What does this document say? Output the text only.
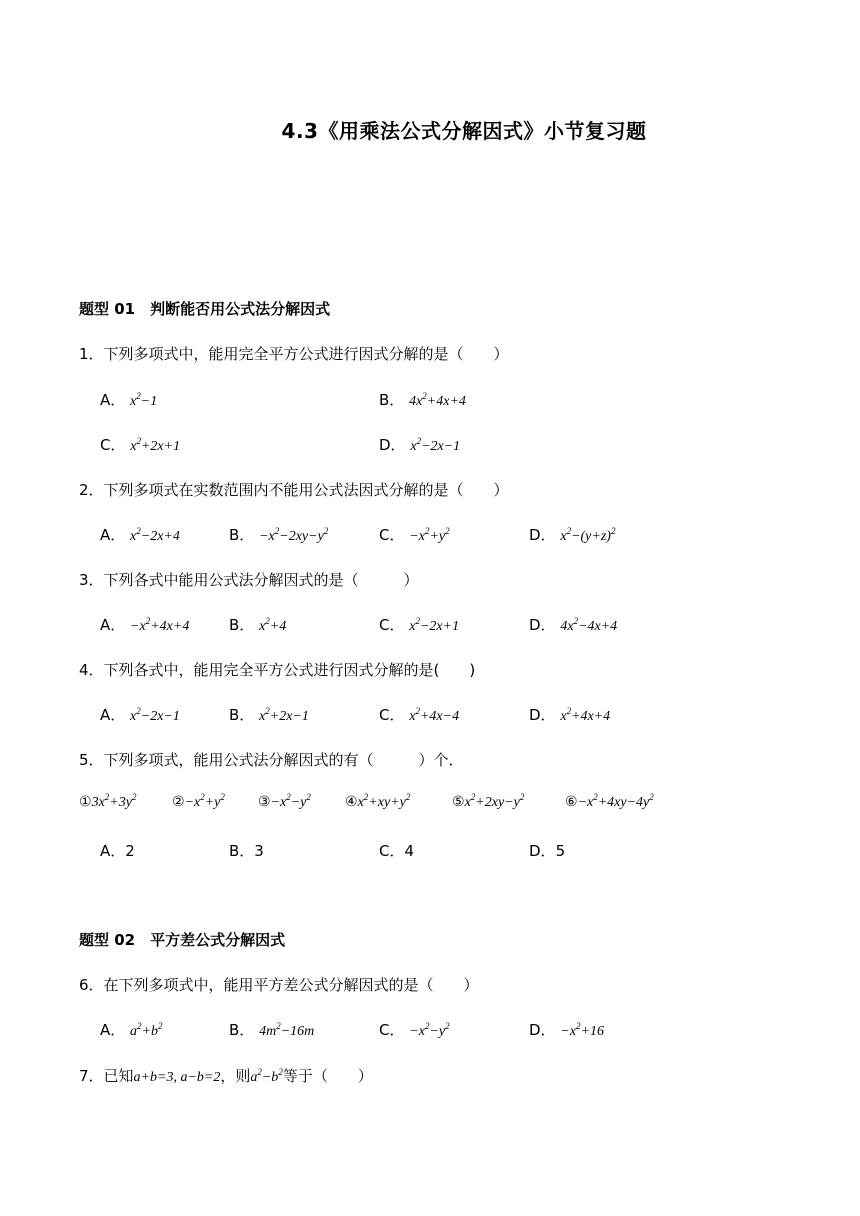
4.3《用乘法公式分解因式》小节复习题
题型 01　判断能否用公式法分解因式
1．下列多项式中，能用完全平方公式进行因式分解的是（　　）
A． $x^2-1$	B． $4x^2+4x+4$
C． $x^2+2x+1$	D． $x^2-2x-1$
2．下列多项式在实数范围内不能用公式法因式分解的是（　　）
A． $x^2-2x+4$	B． $-x^2-2xy-y^2$	C． $-x^2+y^2$	D． $x^2-(y+z)^2$
3．下列各式中能用公式法分解因式的是（　　　）
A． $-x^2+4x+4$	B． $x^2+4$	C． $x^2-2x+1$	D． $4x^2-4x+4$
4．下列各式中，能用完全平方公式进行因式分解的是(　　)
A． $x^2-2x-1$	B． $x^2+2x-1$	C． $x^2+4x-4$	D． $x^2+4x+4$
5．下列多项式，能用公式法分解因式的有（　　　）个．
$①3x^2+3y^2$	$②-x^2+y^2$ $③-x^2-y^2$ $④x^2+xy+y^2$	$⑤x^2+2xy-y^2$	$⑥-x^2+4xy-4y^2$
A．2	B．3	C．4	D．5
题型 02　平方差公式分解因式
6．在下列多项式中，能用平方差公式分解因式的是（　　）
A． $a^2+b^2$	B． $4m^2-16m$	C． $-x^2-y^2$	D． $-x^2+16$
7．已知a+b=3, a−b=2，则$a^2-b^2$等于（　　）
